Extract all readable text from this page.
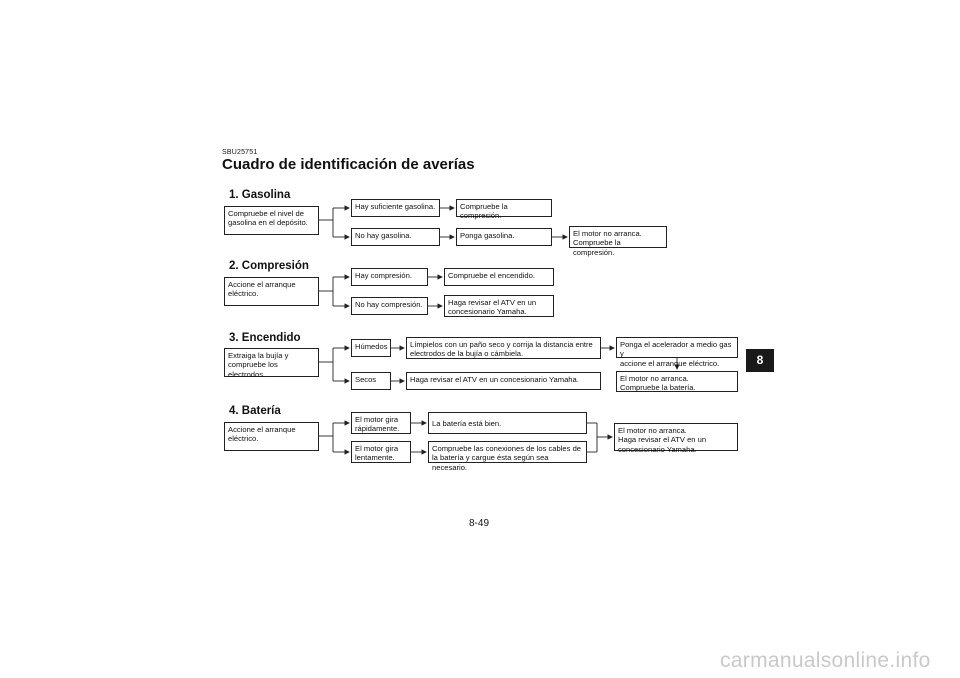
SBU25751
Cuadro de identificación de averías
1. Gasolina
Compruebe el nivel de
gasolina en el depósito.
Hay suficiente gasolina.	Compruebe la compresión.
No hay gasolina.	Ponga gasolina.	El motor no arranca.
Compruebe la compresión.
2. Compresión
Accione el arranque
eléctrico.
Hay compresión.	Compruebe el encendido.
No hay compresión.	Haga revisar el ATV en un
concesionario Yamaha.
3. Encendido
Extraiga la bujía y
compruebe los electrodos.
Húmedos	Límpielos con un paño seco y corrija la distancia entre
electrodos de la bujía o cámbiela.
Ponga el acelerador a medio gas y
accione el arranque eléctrico.
El motor no arranca.
Compruebe la batería.
Secos	Haga revisar el ATV en un concesionario Yamaha.
4. Batería
Accione el arranque
eléctrico.
El motor gira
rápidamente.
La batería está bien.
El motor gira
lentamente.
Compruebe las conexiones de los cables de
la batería y cargue ésta según sea necesario.
El motor no arranca.
Haga revisar el ATV en un
concesionario Yamaha.
8
8-49
carmanualsonline.info
